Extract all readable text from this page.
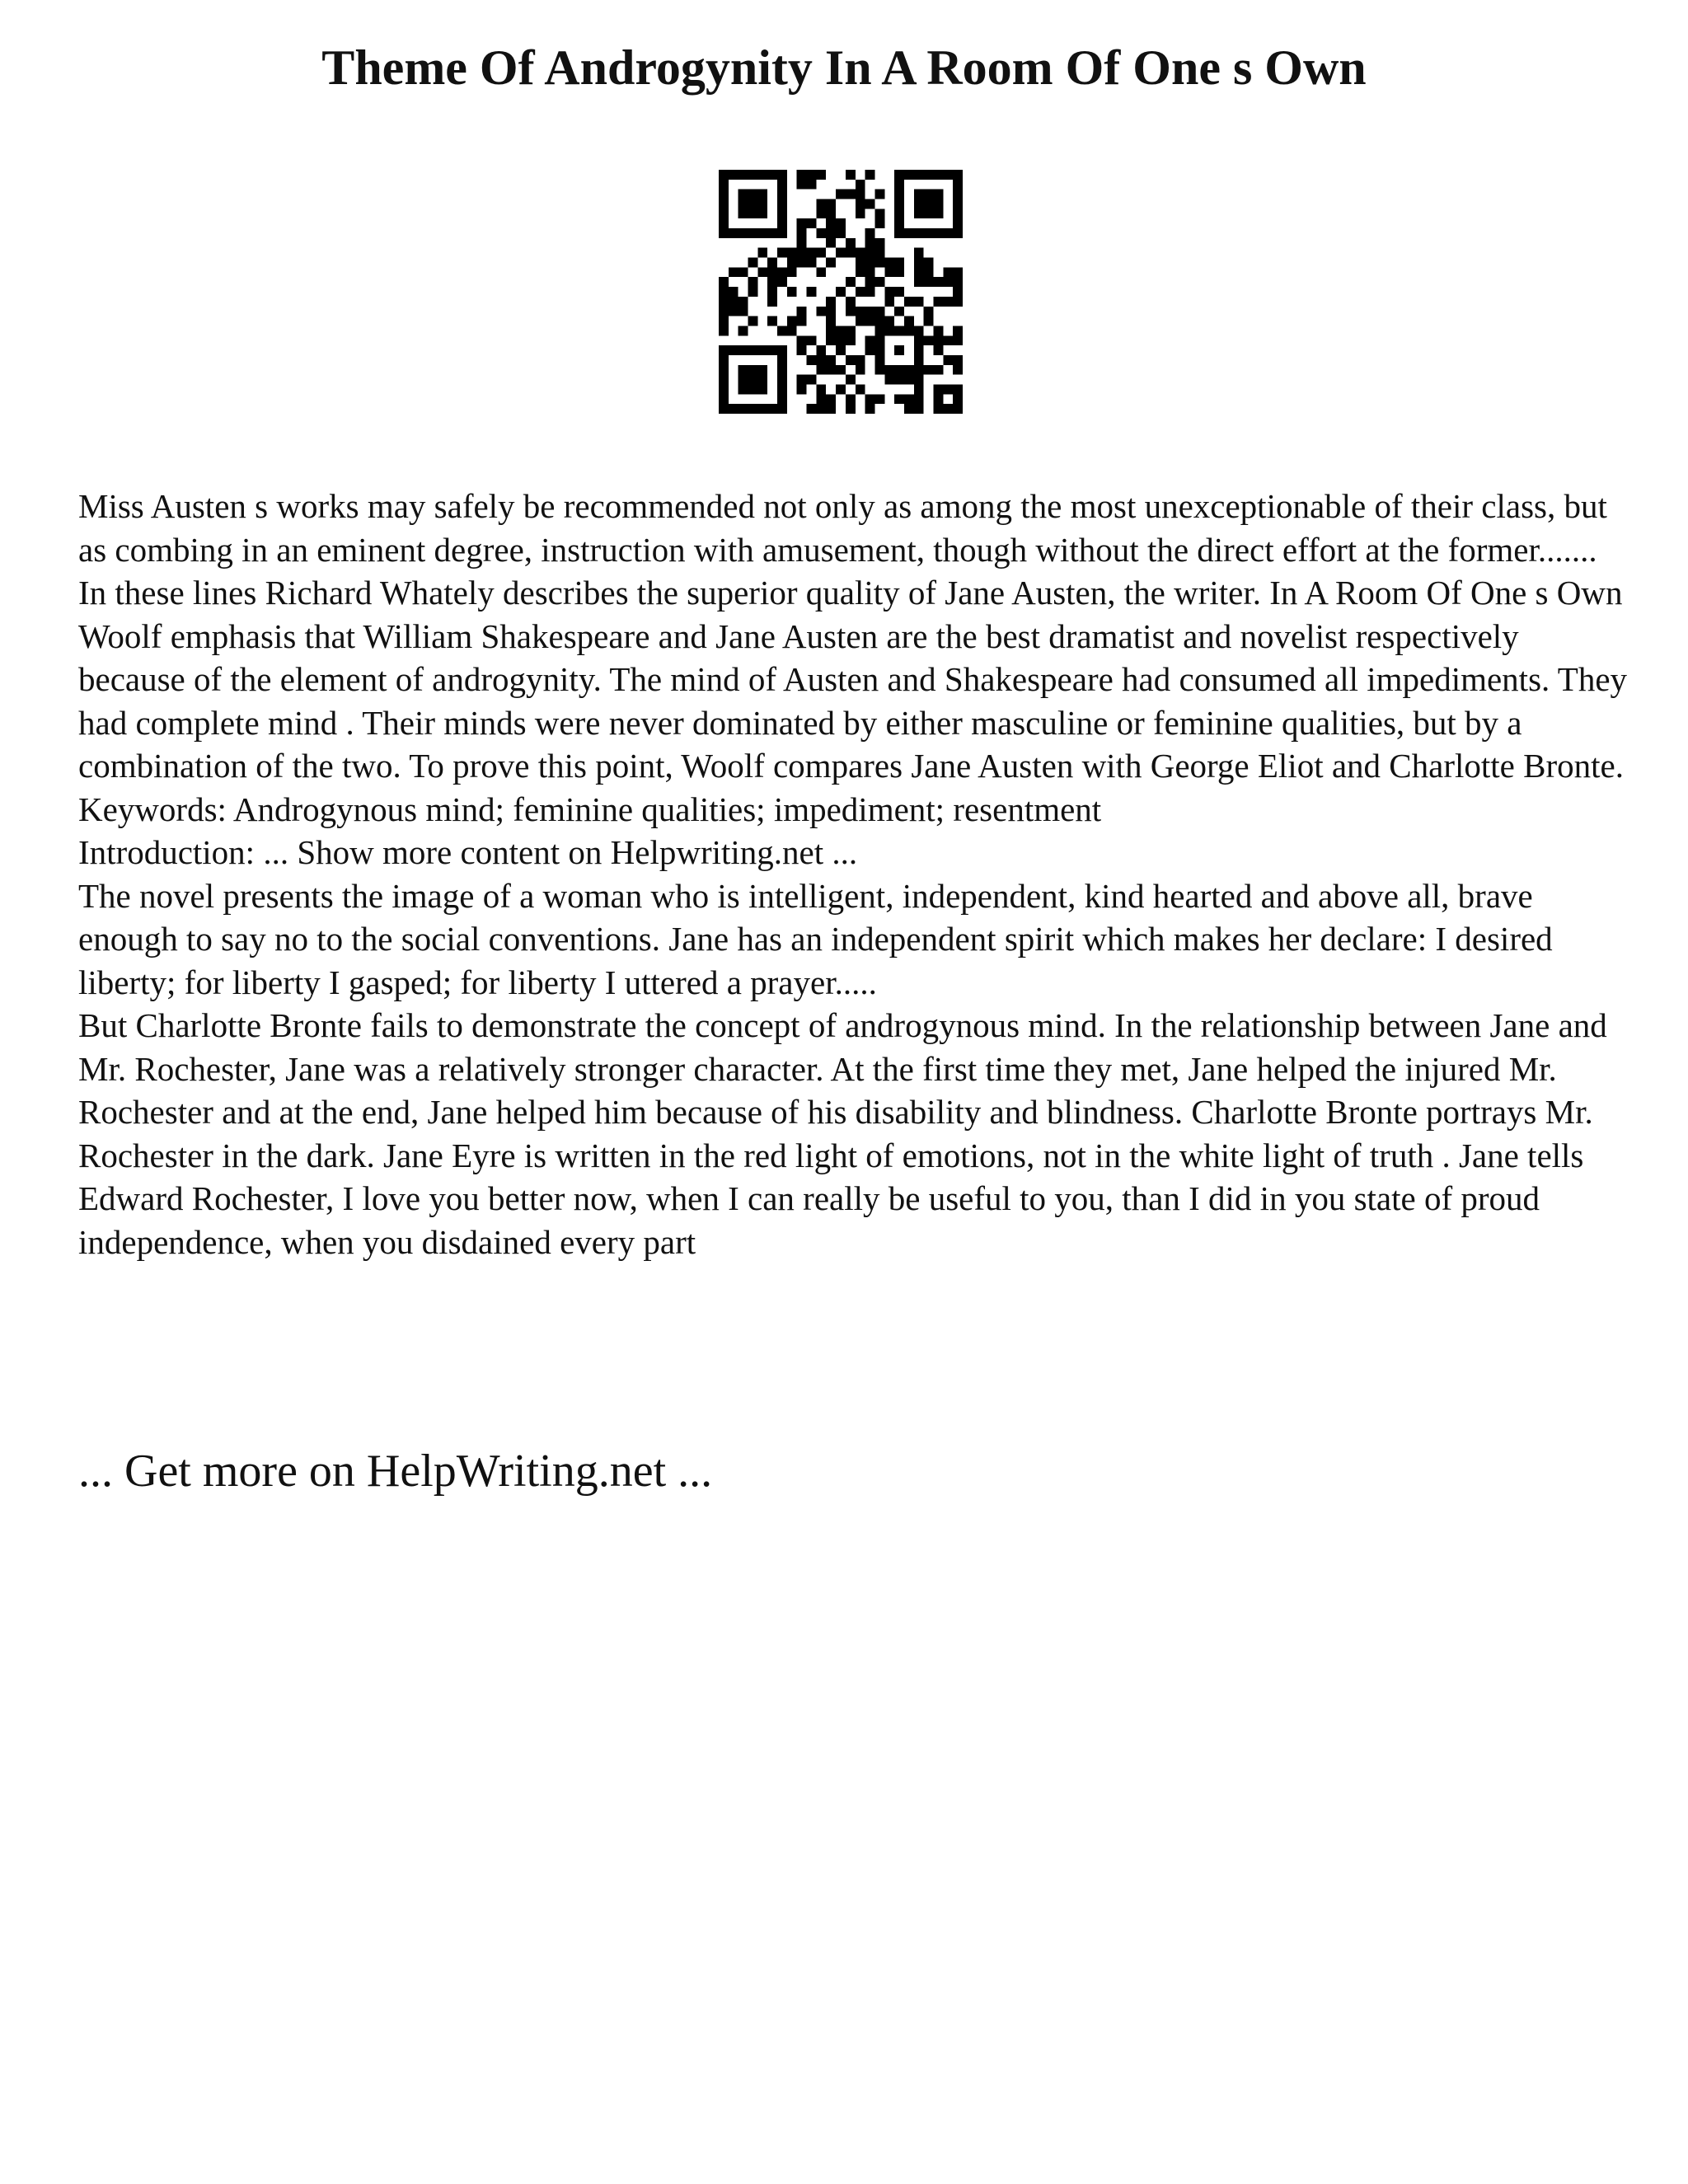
Theme Of Androgynity In A Room Of One s Own

Miss Austen s works may safely be recommended not only as among the most unexceptionable of their class, but as combing in an eminent degree, instruction with amusement, though without the direct effort at the former.......

In these lines Richard Whately describes the superior quality of Jane Austen, the writer. In A Room Of One s Own Woolf emphasis that William Shakespeare and Jane Austen are the best dramatist and novelist respectively because of the element of androgynity. The mind of Austen and Shakespeare had consumed all impediments. They had complete mind . Their minds were never dominated by either masculine or feminine qualities, but by a combination of the two. To prove this point, Woolf compares Jane Austen with George Eliot and Charlotte Bronte.

Keywords: Androgynous mind; feminine qualities; impediment; resentment

Introduction: ... Show more content on Helpwriting.net ...

The novel presents the image of a woman who is intelligent, independent, kind hearted and above all, brave enough to say no to the social conventions. Jane has an independent spirit which makes her declare: I desired liberty; for liberty I gasped; for liberty I uttered a prayer.....

But Charlotte Bronte fails to demonstrate the concept of androgynous mind. In the relationship between Jane and Mr. Rochester, Jane was a relatively stronger character. At the first time they met, Jane helped the injured Mr. Rochester and at the end, Jane helped him because of his disability and blindness. Charlotte Bronte portrays Mr. Rochester in the dark. Jane Eyre is written in the red light of emotions, not in the white light of truth . Jane tells Edward Rochester, I love you better now, when I can really be useful to you, than I did in you state of proud independence, when you disdained every part

... Get more on HelpWriting.net ...
